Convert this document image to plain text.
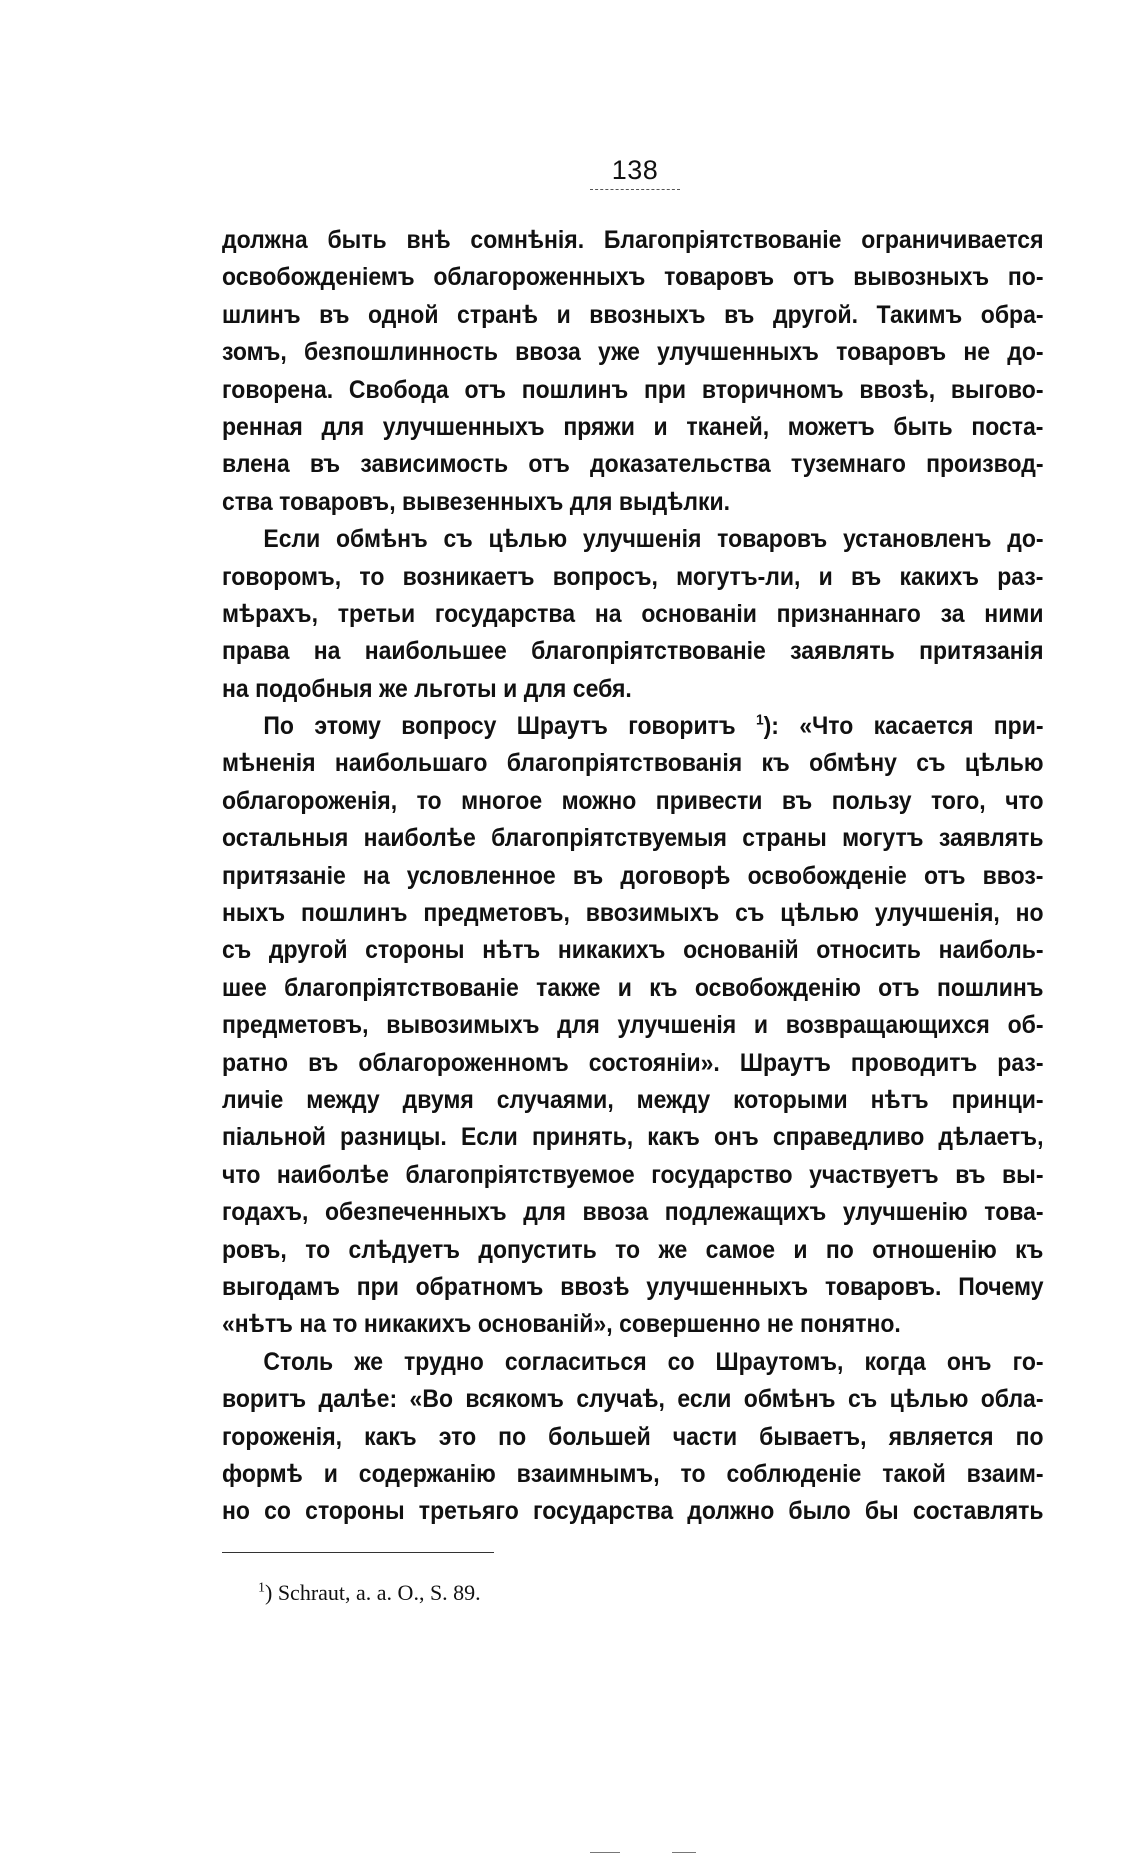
138
должна быть внѣ сомнѣнія. Благопріятствованіе ограничивается
освобожденіемъ облагороженныхъ товаровъ отъ вывозныхъ по-
шлинъ въ одной странѣ и ввозныхъ въ другой. Такимъ обра-
зомъ, безпошлинность ввоза уже улучшенныхъ товаровъ не до-
говорена. Свобода отъ пошлинъ при вторичномъ ввозѣ, выгово-
ренная для улучшенныхъ пряжи и тканей, можетъ быть поста-
влена въ зависимость отъ доказательства туземнаго производ-
ства товаровъ, вывезенныхъ для выдѣлки.
Если обмѣнъ съ цѣлью улучшенія товаровъ установленъ до-
говоромъ, то возникаетъ вопросъ, могутъ-ли, и въ какихъ раз-
мѣрахъ, третьи государства на основаніи признаннаго за ними
права на наибольшее благопріятствованіе заявлять притязанія
на подобныя же льготы и для себя.
По этому вопросу Шраутъ говоритъ $^1$): «Что касается при-
мѣненія наибольшаго благопріятствованія къ обмѣну съ цѣлью
облагороженія, то многое можно привести въ пользу того, что
остальныя наиболѣе благопріятствуемыя страны могутъ заявлять
притязаніе на условленное въ договорѣ освобожденіе отъ ввоз-
ныхъ пошлинъ предметовъ, ввозимыхъ съ цѣлью улучшенія, но
съ другой стороны нѣтъ никакихъ основаній относить наиболь-
шее благопріятствованіе также и къ освобожденію отъ пошлинъ
предметовъ, вывозимыхъ для улучшенія и возвращающихся об-
ратно въ облагороженномъ состояніи». Шраутъ проводитъ раз-
личіе между двумя случаями, между которыми нѣтъ принци-
піальной разницы. Если принять, какъ онъ справедливо дѣлаетъ,
что наиболѣе благопріятствуемое государство участвуетъ въ вы-
годахъ, обезпеченныхъ для ввоза подлежащихъ улучшенію това-
ровъ, то слѣдуетъ допустить то же самое и по отношенію къ
выгодамъ при обратномъ ввозѣ улучшенныхъ товаровъ. Почему
«нѣтъ на то никакихъ основаній», совершенно не понятно.
Столь же трудно согласиться со Шраутомъ, когда онъ го-
воритъ далѣе: «Во всякомъ случаѣ, если обмѣнъ съ цѣлью обла-
гороженія, какъ это по большей части бываетъ, является по
формѣ и содержанію взаимнымъ, то соблюденіе такой взаим-
но со стороны третьяго государства должно было бы составлять
$^1$) Schraut, a. a. O., S. 89.
